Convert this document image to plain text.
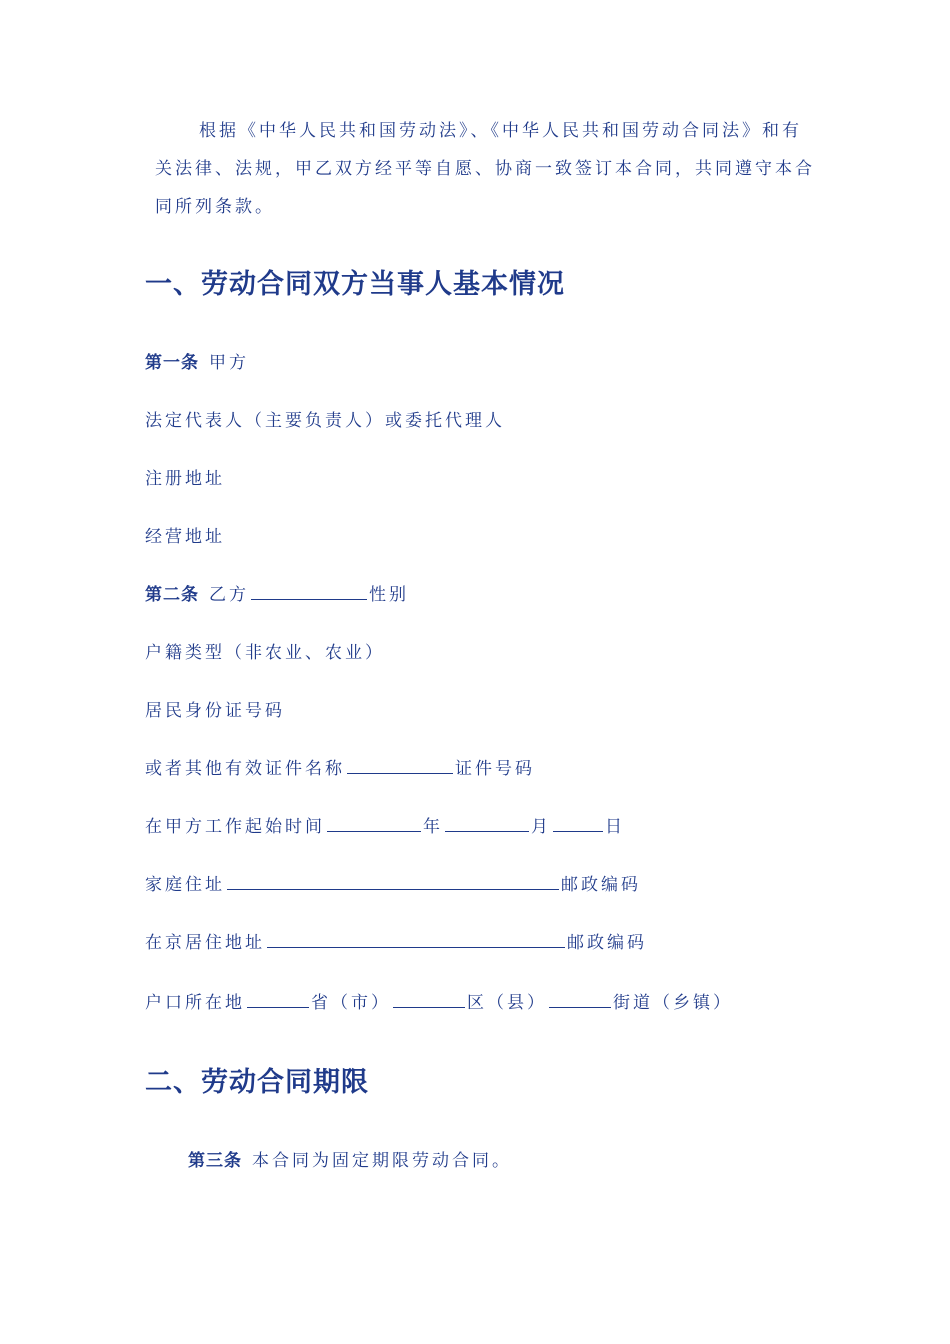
根据《中华人民共和国劳动法》、《中华人民共和国劳动合同法》和有关法律、法规，甲乙双方经平等自愿、协商一致签订本合同，共同遵守本合同所列条款。
一、劳动合同双方当事人基本情况
第一条 甲方
法定代表人（主要负责人）或委托代理人
注册地址
经营地址
第二条 乙方	性别
户籍类型（非农业、农业）
居民身份证号码
或者其他有效证件名称	证件号码
在甲方工作起始时间	年	月	日
家庭住址	邮政编码
在京居住地址	邮政编码
户口所在地	省（市）	区（县）	街道（乡镇）
二、劳动合同期限
第三条 本合同为固定期限劳动合同。
